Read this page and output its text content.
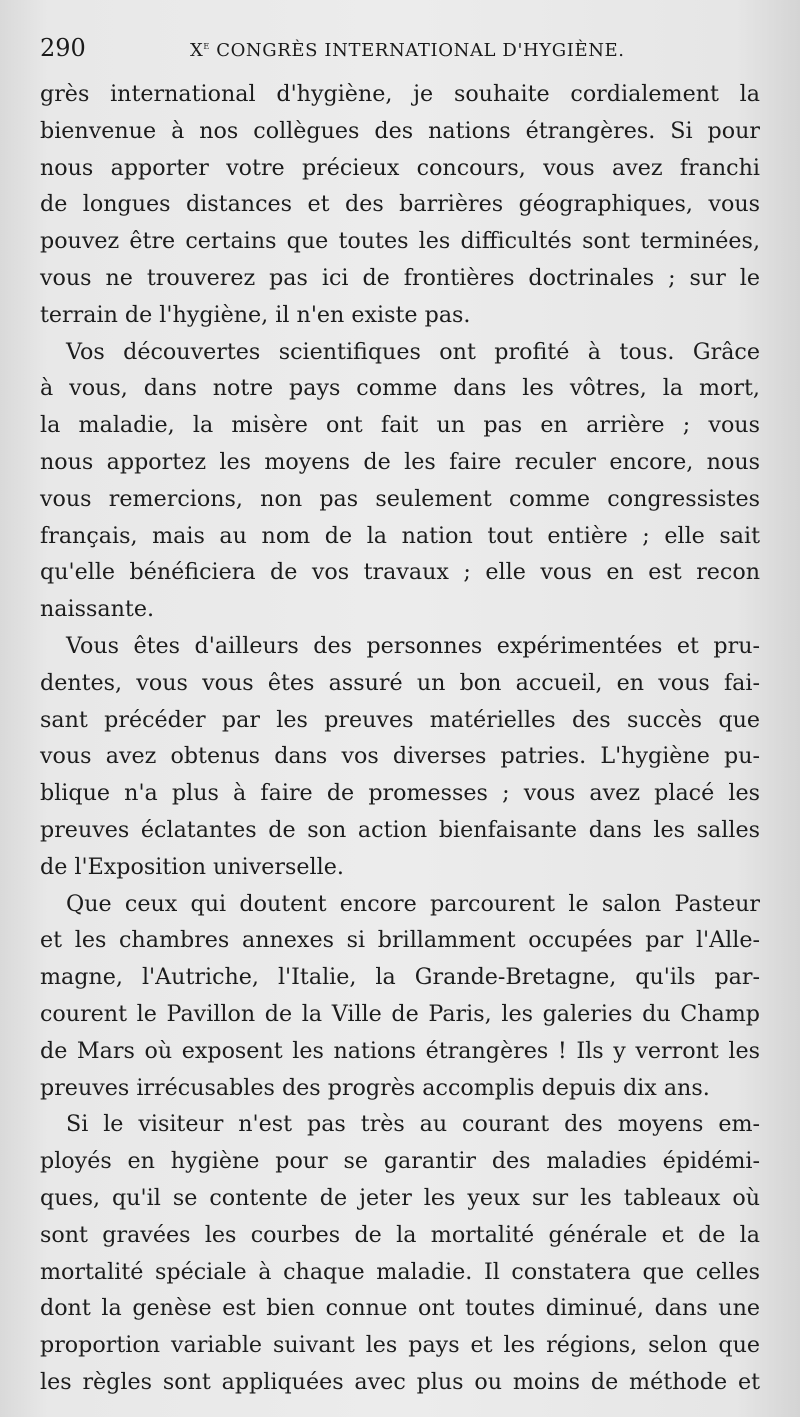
290	Xe CONGRÈS INTERNATIONAL D'HYGIÈNE.
grès international d'hygiène, je souhaite cordialement la
bienvenue à nos collègues des nations étrangères. Si pour
nous apporter votre précieux concours, vous avez franchi
de longues distances et des barrières géographiques, vous
pouvez être certains que toutes les difficultés sont terminées,
vous ne trouverez pas ici de frontières doctrinales ; sur le
terrain de l'hygiène, il n'en existe pas.
Vos découvertes scientifiques ont profité à tous. Grâce
à vous, dans notre pays comme dans les vôtres, la mort,
la maladie, la misère ont fait un pas en arrière ; vous
nous apportez les moyens de les faire reculer encore, nous
vous remercions, non pas seulement comme congressistes
français, mais au nom de la nation tout entière ; elle sait
qu'elle bénéficiera de vos travaux ; elle vous en est recon
naissante.
Vous êtes d'ailleurs des personnes expérimentées et pru-
dentes, vous vous êtes assuré un bon accueil, en vous fai-
sant précéder par les preuves matérielles des succès que
vous avez obtenus dans vos diverses patries. L'hygiène pu-
blique n'a plus à faire de promesses ; vous avez placé les
preuves éclatantes de son action bienfaisante dans les salles
de l'Exposition universelle.
Que ceux qui doutent encore parcourent le salon Pasteur
et les chambres annexes si brillamment occupées par l'Alle-
magne, l'Autriche, l'Italie, la Grande-Bretagne, qu'ils par-
courent le Pavillon de la Ville de Paris, les galeries du Champ
de Mars où exposent les nations étrangères ! Ils y verront les
preuves irrécusables des progrès accomplis depuis dix ans.
Si le visiteur n'est pas très au courant des moyens em-
ployés en hygiène pour se garantir des maladies épidémi-
ques, qu'il se contente de jeter les yeux sur les tableaux où
sont gravées les courbes de la mortalité générale et de la
mortalité spéciale à chaque maladie. Il constatera que celles
dont la genèse est bien connue ont toutes diminué, dans une
proportion variable suivant les pays et les régions, selon que
les règles sont appliquées avec plus ou moins de méthode et
